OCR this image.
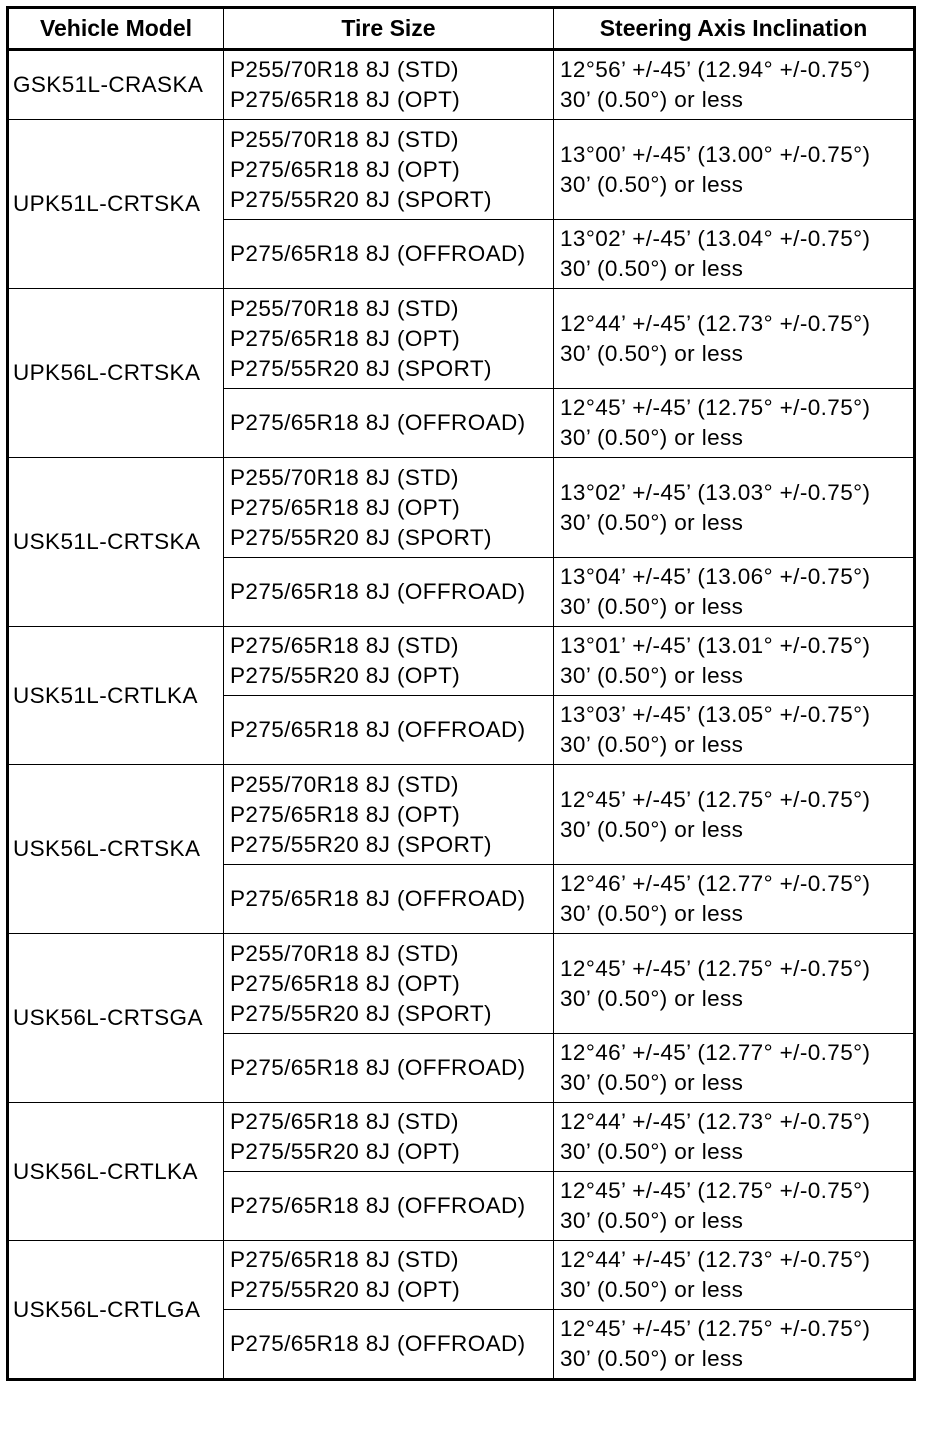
Vehicle Model	Tire Size	Steering Axis Inclination
GSK51L-CRASKA	P255/70R18 8J (STD)
P275/65R18 8J (OPT)	12°56’ +/-45’ (12.94° +/-0.75°)
30’ (0.50°) or less

UPK51L-CRTSKA	P255/70R18 8J (STD)
P275/65R18 8J (OPT)
P275/55R20 8J (SPORT)	13°00’ +/-45’ (13.00° +/-0.75°)
30’ (0.50°) or less

	P275/65R18 8J (OFFROAD)	13°02’ +/-45’ (13.04° +/-0.75°)
30’ (0.50°) or less

UPK56L-CRTSKA	P255/70R18 8J (STD)
P275/65R18 8J (OPT)
P275/55R20 8J (SPORT)	12°44’ +/-45’ (12.73° +/-0.75°)
30’ (0.50°) or less

	P275/65R18 8J (OFFROAD)	12°45’ +/-45’ (12.75° +/-0.75°)
30’ (0.50°) or less

USK51L-CRTSKA	P255/70R18 8J (STD)
P275/65R18 8J (OPT)
P275/55R20 8J (SPORT)	13°02’ +/-45’ (13.03° +/-0.75°)
30’ (0.50°) or less

	P275/65R18 8J (OFFROAD)	13°04’ +/-45’ (13.06° +/-0.75°)
30’ (0.50°) or less

USK51L-CRTLKA	P275/65R18 8J (STD)
P275/55R20 8J (OPT)	13°01’ +/-45’ (13.01° +/-0.75°)
30’ (0.50°) or less

	P275/65R18 8J (OFFROAD)	13°03’ +/-45’ (13.05° +/-0.75°)
30’ (0.50°) or less

USK56L-CRTSKA	P255/70R18 8J (STD)
P275/65R18 8J (OPT)
P275/55R20 8J (SPORT)	12°45’ +/-45’ (12.75° +/-0.75°)
30’ (0.50°) or less

	P275/65R18 8J (OFFROAD)	12°46’ +/-45’ (12.77° +/-0.75°)
30’ (0.50°) or less

USK56L-CRTSGA	P255/70R18 8J (STD)
P275/65R18 8J (OPT)
P275/55R20 8J (SPORT)	12°45’ +/-45’ (12.75° +/-0.75°)
30’ (0.50°) or less

	P275/65R18 8J (OFFROAD)	12°46’ +/-45’ (12.77° +/-0.75°)
30’ (0.50°) or less

USK56L-CRTLKA	P275/65R18 8J (STD)
P275/55R20 8J (OPT)	12°44’ +/-45’ (12.73° +/-0.75°)
30’ (0.50°) or less

	P275/65R18 8J (OFFROAD)	12°45’ +/-45’ (12.75° +/-0.75°)
30’ (0.50°) or less

USK56L-CRTLGA	P275/65R18 8J (STD)
P275/55R20 8J (OPT)	12°44’ +/-45’ (12.73° +/-0.75°)
30’ (0.50°) or less

	P275/65R18 8J (OFFROAD)	12°45’ +/-45’ (12.75° +/-0.75°)
30’ (0.50°) or less
